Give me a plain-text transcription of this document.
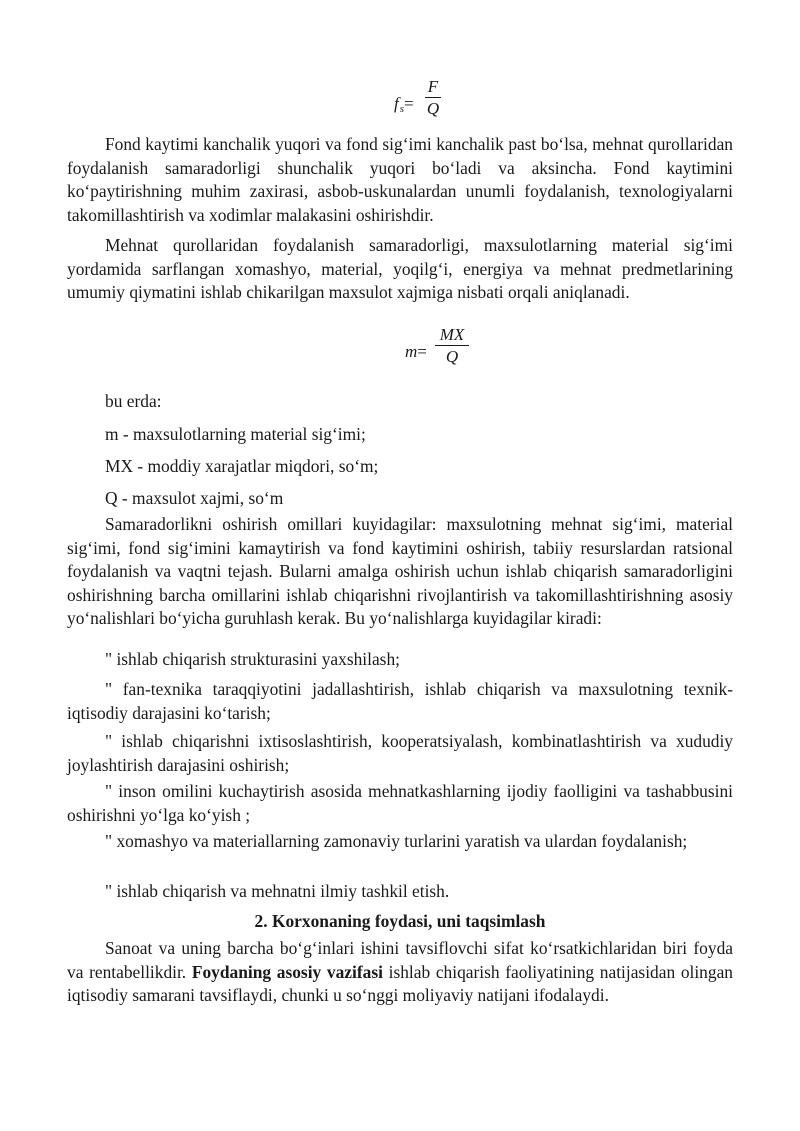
$f_s=$
F
Q

Fond kaytimi kanchalik yuqori va fond sig‘imi kanchalik past bo‘lsa, mehnat qurollaridan foydalanish samaradorligi shunchalik yuqori bo‘ladi va aksincha. Fond kaytimini ko‘paytirishning muhim zaxirasi, asbob-uskunalardan unumli foydalanish, texnologiyalarni takomillashtirish va xodimlar malakasini oshirishdir.

Mehnat qurollaridan foydalanish samaradorligi, maxsulotlarning material sig‘imi yordamida sarflangan xomashyo, material, yoqilg‘i, energiya va mehnat predmetlarining umumiy qiymatini ishlab chikarilgan maxsulot xajmiga nisbati orqali aniqlanadi.

m=
MX
Q

bu erda:

m - maxsulotlarning material sig‘imi;

MX - moddiy xarajatlar miqdori, so‘m;

Q - maxsulot xajmi, so‘m

Samaradorlikni oshirish omillari kuyidagilar: maxsulotning mehnat sig‘imi, material sig‘imi, fond sig‘imini kamaytirish va fond kaytimini oshirish, tabiiy resurslardan ratsional foydalanish va vaqtni tejash. Bularni amalga oshirish uchun ishlab chiqarish samaradorligini oshirishning barcha omillarini ishlab chiqarishni rivojlantirish va takomillashtirishning asosiy yo‘nalishlari bo‘yicha guruhlash kerak. Bu yo‘nalishlarga kuyidagilar kiradi:

" ishlab chiqarish strukturasini yaxshilash;

" fan-texnika taraqqiyotini jadallashtirish, ishlab chiqarish va maxsulotning texnik-iqtisodiy darajasini ko‘tarish;

" ishlab chiqarishni ixtisoslashtirish, kooperatsiyalash, kombinatlashtirish va xududiy joylashtirish darajasini oshirish;

" inson omilini kuchaytirish asosida mehnatkashlarning ijodiy faolligini va tashabbusini oshirishni yo‘lga ko‘yish ;

" xomashyo va materiallarning zamonaviy turlarini yaratish va ulardan foydalanish;

" ishlab chiqarish va mehnatni ilmiy tashkil etish.

2. Korxonaning foydasi, uni taqsimlash

Sanoat va uning barcha bo‘g‘inlari ishini tavsiflovchi sifat ko‘rsatkichlaridan biri foyda va rentabellikdir. Foydaning asosiy vazifasi ishlab chiqarish faoliyatining natijasidan olingan iqtisodiy samarani tavsiflaydi, chunki u so‘nggi moliyaviy natijani ifodalaydi.
